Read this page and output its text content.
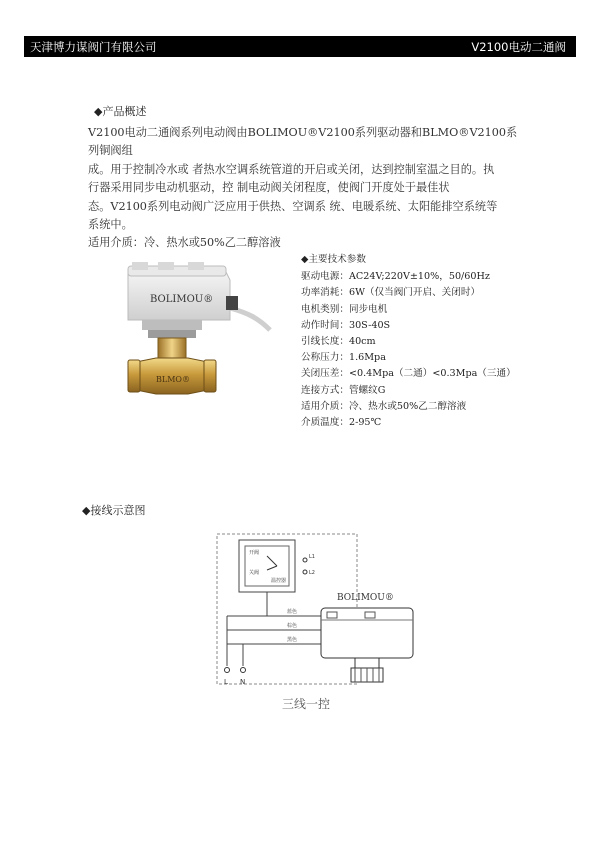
天津博力谋阀门有限公司	V2100电动二通阀
◆产品概述

V2100电动二通阀系列电动阀由BOLIMOU®V2100系列驱动器和BLMO®V2100系列铜阀组

成。用于控制冷水或 者热水空调系统管道的开启或关闭，达到控制室温之目的。执

行器采用同步电动机驱动，控 制电动阀关闭程度，使阀门开度处于最佳状

态。V2100系列电动阀广泛应用于供热、空调系 统、电暖系统、太阳能排空系统等

系统中。

适用介质：冷、热水或50%乙二醇溶液

BOLIMOU®
BLMO®
◆主要技术参数
驱动电源： AC24V;220V±10%，50/60Hz
功率消耗： 6W（仅当阀门开启、关闭时）
电机类别： 同步电机
动作时间： 30S-40S
引线长度： 40cm
公称压力： 1.6Mpa
关闭压差： <0.4Mpa（二通）<0.3Mpa（三通）
连接方式： 管螺纹G
适用介质： 冷、热水或50%乙二醇溶液
介质温度： 2-95℃
◆接线示意图
开阀
关阀
温控器
L1
L2
蓝色
棕色
黑色
L N
BOLIMOU®
三线一控
